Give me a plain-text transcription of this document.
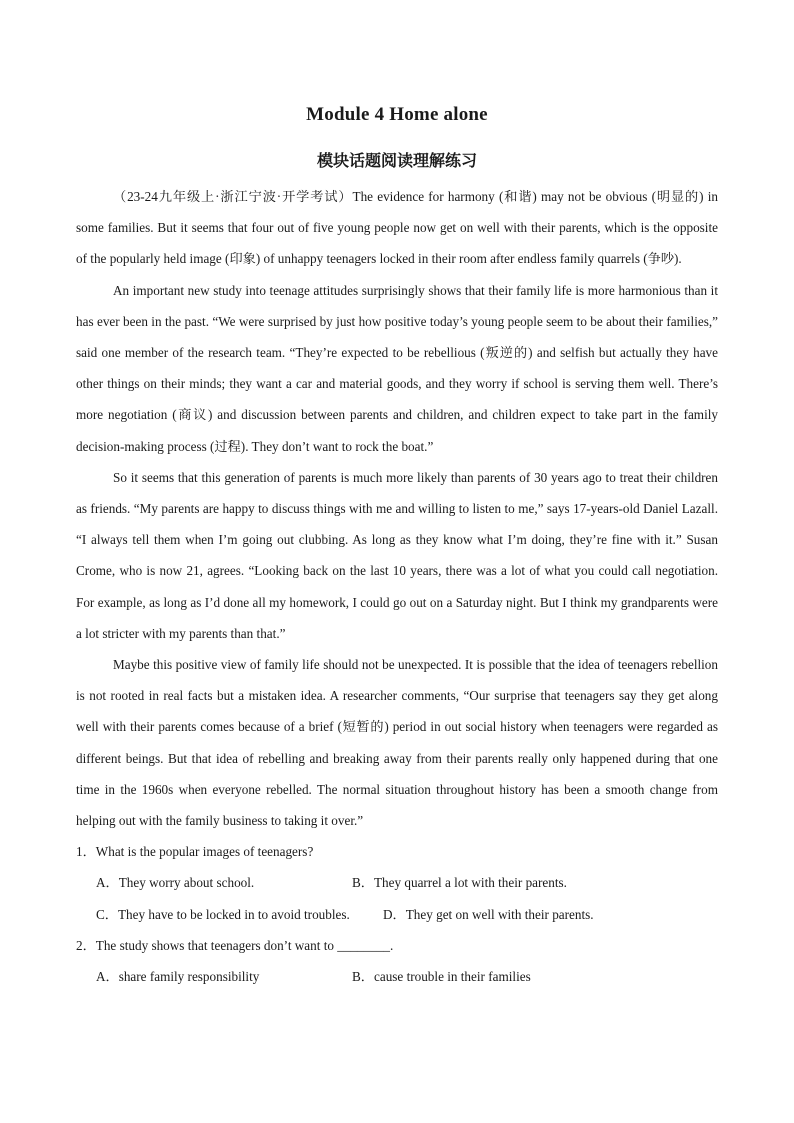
Module 4 Home alone
模块话题阅读理解练习

（23-24九年级上·浙江宁波·开学考试）The evidence for harmony (和谐) may not be obvious (明显的) in some families. But it seems that four out of five young people now get on well with their parents, which is the opposite of the popularly held image (印象) of unhappy teenagers locked in their room after endless family quarrels (争吵).

An important new study into teenage attitudes surprisingly shows that their family life is more harmonious than it has ever been in the past. “We were surprised by just how positive today’s young people seem to be about their families,” said one member of the research team. “They’re expected to be rebellious (叛逆的) and selfish but actually they have other things on their minds; they want a car and material goods, and they worry if school is serving them well. There’s more negotiation (商议) and discussion between parents and children, and children expect to take part in the family decision-making process (过程). They don’t want to rock the boat.”

So it seems that this generation of parents is much more likely than parents of 30 years ago to treat their children as friends. “My parents are happy to discuss things with me and willing to listen to me,” says 17-years-old Daniel Lazall. “I always tell them when I’m going out clubbing. As long as they know what I’m doing, they’re fine with it.” Susan Crome, who is now 21, agrees. “Looking back on the last 10 years, there was a lot of what you could call negotiation. For example, as long as I’d done all my homework, I could go out on a Saturday night. But I think my grandparents were a lot stricter with my parents than that.”

Maybe this positive view of family life should not be unexpected. It is possible that the idea of teenagers rebellion is not rooted in real facts but a mistaken idea. A researcher comments, “Our surprise that teenagers say they get along well with their parents comes because of a brief (短暂的) period in out social history when teenagers were regarded as different beings. But that idea of rebelling and breaking away from their parents really only happened during that one time in the 1960s when everyone rebelled. The normal situation throughout history has been a smooth change from helping out with the family business to taking it over.”

1．What is the popular images of teenagers?

A．They worry about school.	B．They quarrel a lot with their parents.
C．They have to be locked in to avoid troubles.	D．They get on well with their parents.

2．The study shows that teenagers don’t want to ________.

A．share family responsibility	B．cause trouble in their families
